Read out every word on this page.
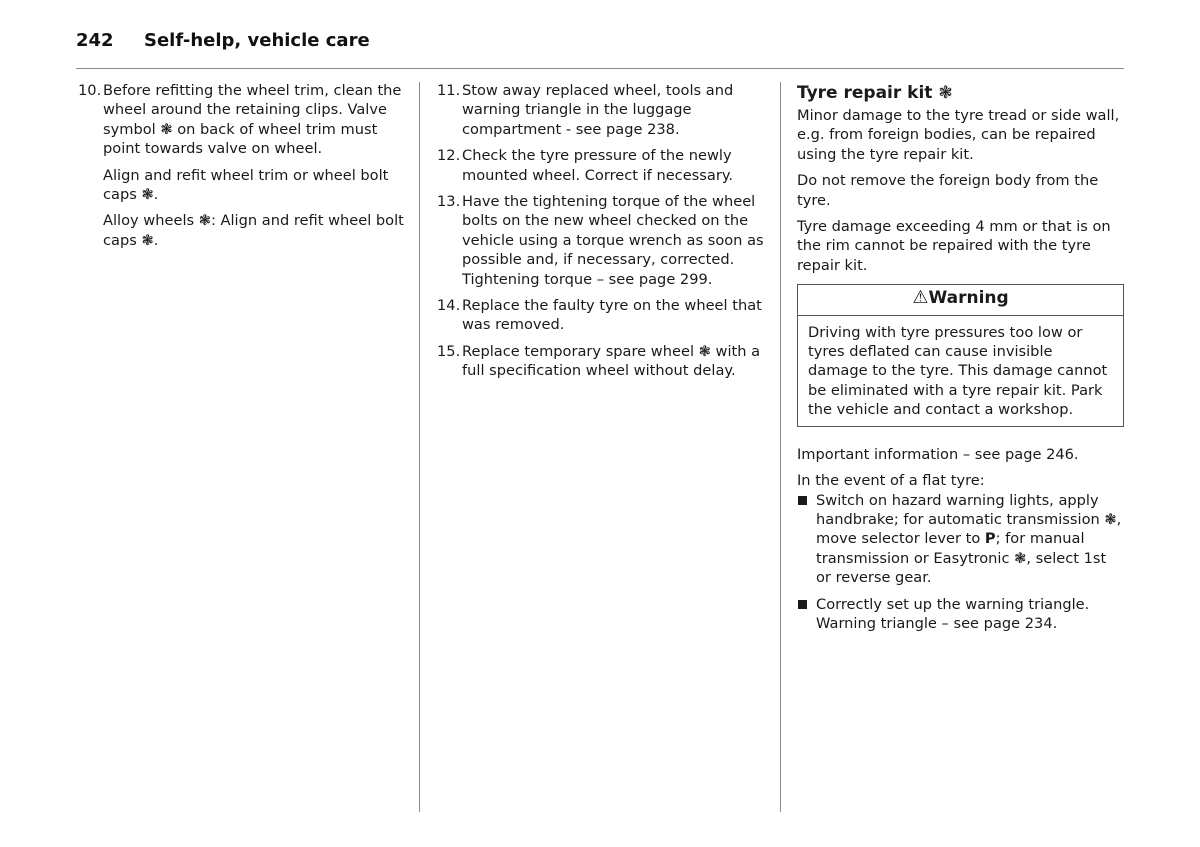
242 Self-help, vehicle care
10. Before refitting the wheel trim, clean the wheel around the retaining clips. Valve symbol ❃ on back of wheel trim must point towards valve on wheel.
Align and refit wheel trim or wheel bolt caps ❃.
Alloy wheels ❃: Align and refit wheel bolt caps ❃.
11. Stow away replaced wheel, tools and warning triangle in the luggage compartment - see page 238.
12. Check the tyre pressure of the newly mounted wheel. Correct if necessary.
13. Have the tightening torque of the wheel bolts on the new wheel checked on the vehicle using a torque wrench as soon as possible and, if necessary, corrected. Tightening torque – see page 299.
14. Replace the faulty tyre on the wheel that was removed.
15. Replace temporary spare wheel ❃ with a full specification wheel without delay.
Tyre repair kit ❃

Minor damage to the tyre tread or side wall, e.g. from foreign bodies, can be repaired using the tyre repair kit.

Do not remove the foreign body from the tyre.

Tyre damage exceeding 4 mm or that is on the rim cannot be repaired with the tyre repair kit.

⚠Warning
Driving with tyre pressures too low or tyres deflated can cause invisible damage to the tyre. This damage cannot be eliminated with a tyre repair kit. Park the vehicle and contact a workshop.

Important information – see page 246.

In the event of a flat tyre:

Switch on hazard warning lights, apply handbrake; for automatic transmission ❃, move selector lever to P; for manual transmission or Easytronic ❃, select 1st or reverse gear.
Correctly set up the warning triangle. Warning triangle – see page 234.
